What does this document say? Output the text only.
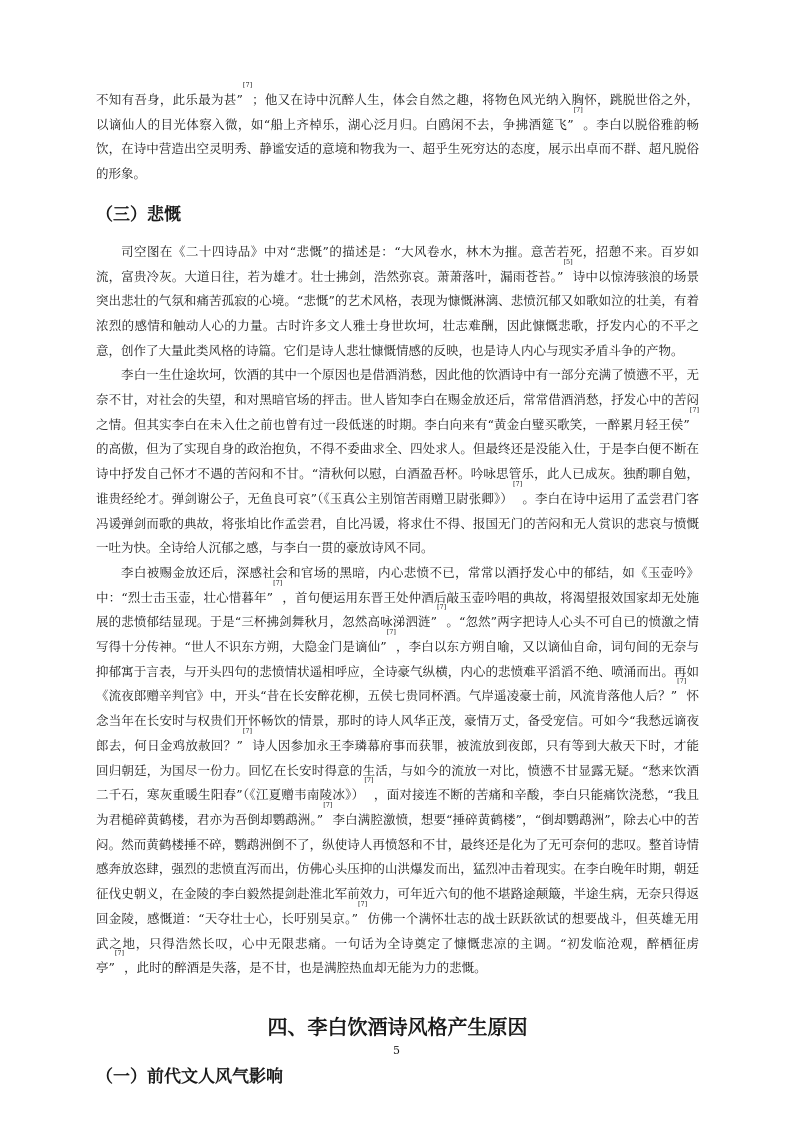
不知有吾身，此乐最为甚”[7]；他又在诗中沉醉人生，体会自然之趣，将物色风光纳入胸怀，跳脱世俗之外，以谪仙人的目光体察入微，如“船上齐棹乐，湖心泛月归。白鸥闲不去，争拂酒筵飞”[7]。李白以脱俗雅韵畅饮，在诗中营造出空灵明秀、静谧安适的意境和物我为一、超乎生死穷达的态度，展示出卓而不群、超凡脱俗的形象。

（三）悲慨

司空图在《二十四诗品》中对“悲慨”的描述是：“大风卷水，林木为摧。意苦若死，招憩不来。百岁如流，富贵冷灰。大道日往，若为雄才。壮士拂剑，浩然弥哀。萧萧落叶，漏雨苍苔。”[5]诗中以惊涛骇浪的场景突出悲壮的气氛和痛苦孤寂的心境。“悲慨”的艺术风格，表现为慷慨淋漓、悲愤沉郁又如歌如泣的壮美，有着浓烈的感情和触动人心的力量。古时许多文人雅士身世坎坷，壮志难酬，因此慷慨悲歌，抒发内心的不平之意，创作了大量此类风格的诗篇。它们是诗人悲壮慷慨情感的反映，也是诗人内心与现实矛盾斗争的产物。

李白一生仕途坎坷，饮酒的其中一个原因也是借酒消愁，因此他的饮酒诗中有一部分充满了愤懑不平，无奈不甘，对社会的失望，和对黑暗官场的抨击。世人皆知李白在赐金放还后，常常借酒消愁，抒发心中的苦闷之情。但其实李白在未入仕之前也曾有过一段低迷的时期。李白向来有“黄金白璧买歌笑，一醉累月轻王侯”[7]的高傲，但为了实现自身的政治抱负，不得不委曲求全、四处求人。但最终还是没能入仕，于是李白便不断在诗中抒发自己怀才不遇的苦闷和不甘。“清秋何以慰，白酒盈吾杯。吟咏思管乐，此人已成灰。独酌聊自勉，谁贵经纶才。弹剑谢公子，无鱼良可哀”（《玉真公主别馆苦雨赠卫尉张卿》）[7]。李白在诗中运用了孟尝君门客冯谖弹剑而歌的典故，将张垍比作孟尝君，自比冯谖，将求仕不得、报国无门的苦闷和无人赏识的悲哀与愤慨一吐为快。全诗给人沉郁之感，与李白一贯的豪放诗风不同。

李白被赐金放还后，深感社会和官场的黑暗，内心悲愤不已，常常以酒抒发心中的郁结，如《玉壶吟》中：“烈士击玉壶，壮心惜暮年”[7]，首句便运用东晋王处仲酒后敲玉壶吟唱的典故，将渴望报效国家却无处施展的悲愤郁结显现。于是“三杯拂剑舞秋月，忽然高咏涕泗涟”[7]。“忽然”两字把诗人心头不可自已的愤激之情写得十分传神。“世人不识东方朔，大隐金门是谪仙”[7]，李白以东方朔自喻，又以谪仙自命，词句间的无奈与抑郁寓于言表，与开头四句的悲愤情状遥相呼应，全诗豪气纵横，内心的悲愤难平滔滔不绝、喷涌而出。再如《流夜郎赠辛判官》中，开头“昔在长安醉花柳，五侯七贵同杯酒。气岸遥凌豪士前，风流肯落他人后？”[7]怀念当年在长安时与权贵们开怀畅饮的情景，那时的诗人风华正茂，豪情万丈，备受宠信。可如今“我愁远谪夜郎去，何日金鸡放赦回？”[7]诗人因参加永王李璘幕府事而获罪，被流放到夜郎，只有等到大赦天下时，才能回归朝廷，为国尽一份力。回忆在长安时得意的生活，与如今的流放一对比，愤懑不甘显露无疑。“愁来饮酒二千石，寒灰重暖生阳春”（《江夏赠韦南陵冰》）[7]，面对接连不断的苦痛和辛酸，李白只能痛饮浇愁，“我且为君槌碎黄鹤楼，君亦为吾倒却鹦鹉洲。”[7]李白满腔激愤，想要“捶碎黄鹤楼”，“倒却鹦鹉洲”，除去心中的苦闷。然而黄鹤楼捶不碎，鹦鹉洲倒不了，纵使诗人再愤怒和不甘，最终还是化为了无可奈何的悲叹。整首诗情感奔放恣肆，强烈的悲愤直泻而出，仿佛心头压抑的山洪爆发而出，猛烈冲击着现实。在李白晚年时期，朝廷征伐史朝义，在金陵的李白毅然提剑赴淮北军前效力，可年近六旬的他不堪路途颠簸，半途生病，无奈只得返回金陵，感慨道：“天夺壮士心，长吁别吴京。”[7]仿佛一个满怀壮志的战士跃跃欲试的想要战斗，但英雄无用武之地，只得浩然长叹，心中无限悲痛。一句话为全诗奠定了慷慨悲凉的主调。“初发临沧观，醉栖征虏亭”[7]，此时的醉酒是失落，是不甘，也是满腔热血却无能为力的悲慨。

四、李白饮酒诗风格产生原因
（一）前代文人风气影响
5
